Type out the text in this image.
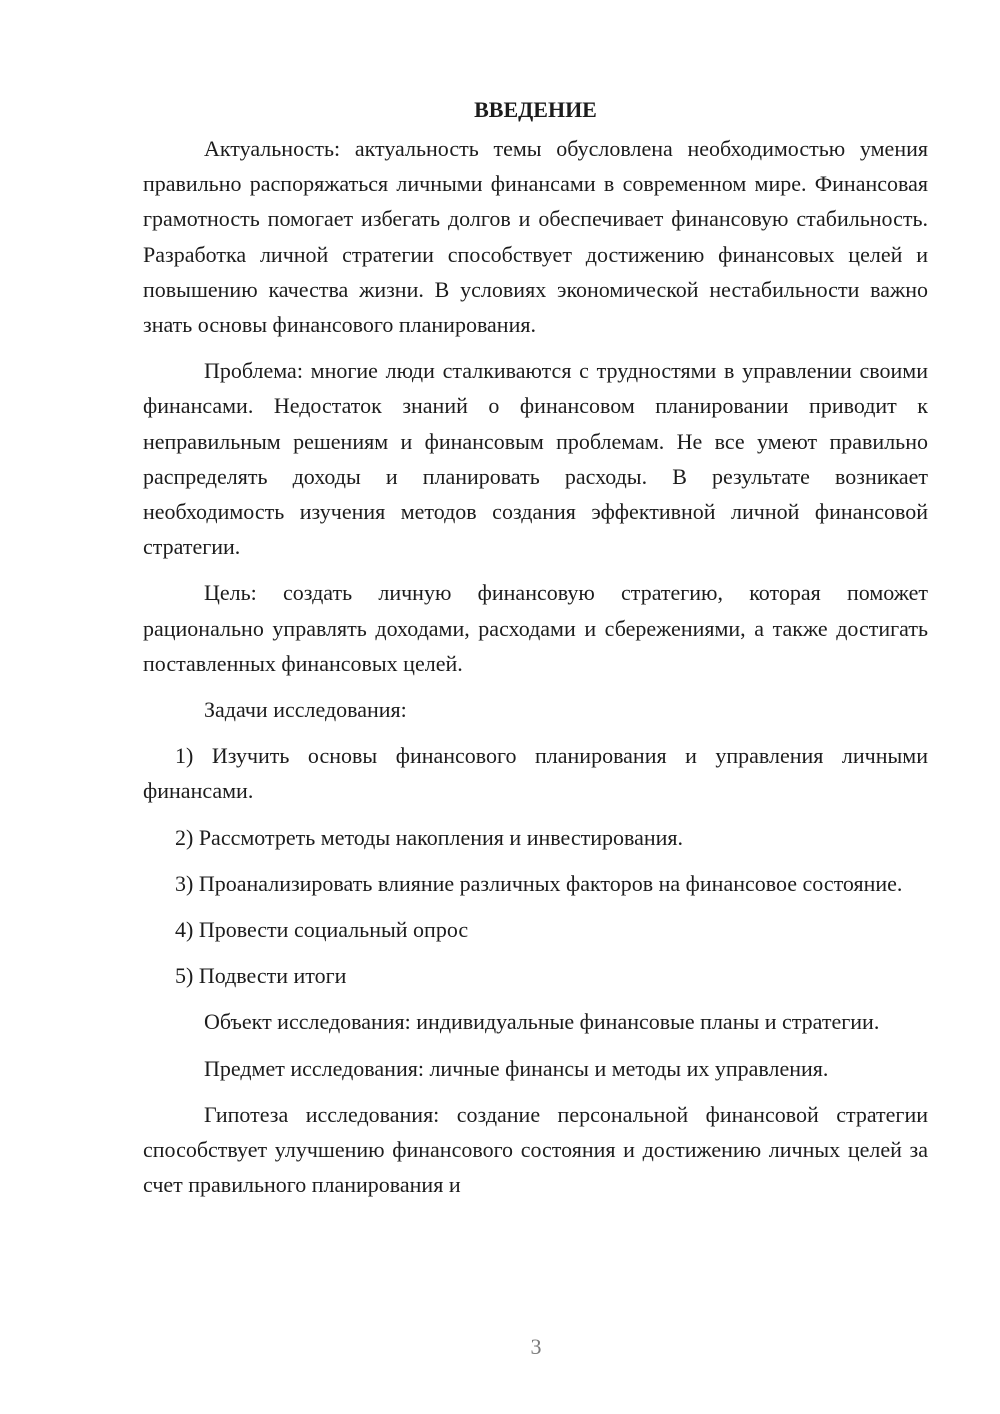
ВВЕДЕНИЕ
Актуальность: актуальность темы обусловлена необходимостью умения правильно распоряжаться личными финансами в современном мире. Финансовая грамотность помогает избегать долгов и обеспечивает финансовую стабильность. Разработка личной стратегии способствует достижению финансовых целей и повышению качества жизни. В условиях экономической нестабильности важно знать основы финансового планирования.
Проблема: многие люди сталкиваются с трудностями в управлении своими финансами. Недостаток знаний о финансовом планировании приводит к неправильным решениям и финансовым проблемам. Не все умеют правильно распределять доходы и планировать расходы. В результате возникает необходимость изучения методов создания эффективной личной финансовой стратегии.
Цель: создать личную финансовую стратегию, которая поможет рационально управлять доходами, расходами и сбережениями, а также достигать поставленных финансовых целей.
Задачи исследования:
1) Изучить основы финансового планирования и управления личными финансами.
2) Рассмотреть методы накопления и инвестирования.
3) Проанализировать влияние различных факторов на финансовое состояние.
4) Провести социальный опрос
5) Подвести итоги
Объект исследования: индивидуальные финансовые планы и стратегии.
Предмет исследования: личные финансы и методы их управления.
Гипотеза исследования: создание персональной финансовой стратегии способствует улучшению финансового состояния и достижению личных целей за счет правильного планирования и
3
